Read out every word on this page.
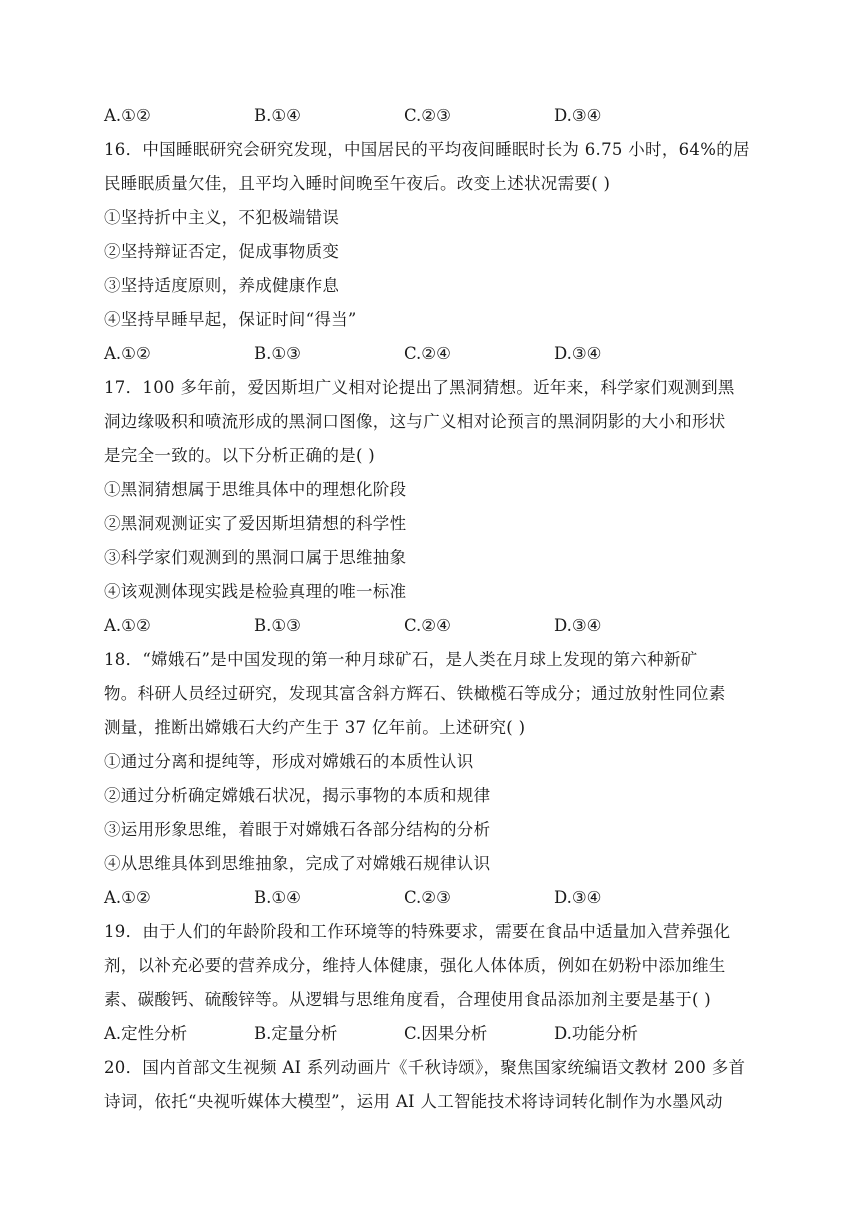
A.①②	B.①④	C.②③	D.③④
16．中国睡眠研究会研究发现，中国居民的平均夜间睡眠时长为 6.75 小时，64%的居
民睡眠质量欠佳，且平均入睡时间晚至午夜后。改变上述状况需要( )
①坚持折中主义，不犯极端错误
②坚持辩证否定，促成事物质变
③坚持适度原则，养成健康作息
④坚持早睡早起，保证时间“得当”
A.①②	B.①③	C.②④	D.③④
17．100 多年前，爱因斯坦广义相对论提出了黑洞猜想。近年来，科学家们观测到黑
洞边缘吸积和喷流形成的黑洞口图像，这与广义相对论预言的黑洞阴影的大小和形状
是完全一致的。以下分析正确的是( )
①黑洞猜想属于思维具体中的理想化阶段
②黑洞观测证实了爱因斯坦猜想的科学性
③科学家们观测到的黑洞口属于思维抽象
④该观测体现实践是检验真理的唯一标准
A.①②	B.①③	C.②④	D.③④
18．“嫦娥石”是中国发现的第一种月球矿石，是人类在月球上发现的第六种新矿
物。科研人员经过研究，发现其富含斜方辉石、铁橄榄石等成分；通过放射性同位素
测量，推断出嫦娥石大约产生于 37 亿年前。上述研究( )
①通过分离和提纯等，形成对嫦娥石的本质性认识
②通过分析确定嫦娥石状况，揭示事物的本质和规律
③运用形象思维，着眼于对嫦娥石各部分结构的分析
④从思维具体到思维抽象，完成了对嫦娥石规律认识
A.①②	B.①④	C.②③	D.③④
19．由于人们的年龄阶段和工作环境等的特殊要求，需要在食品中适量加入营养强化
剂，以补充必要的营养成分，维持人体健康，强化人体体质，例如在奶粉中添加维生
素、碳酸钙、硫酸锌等。从逻辑与思维角度看，合理使用食品添加剂主要是基于( )
A.定性分析	B.定量分析	C.因果分析	D.功能分析
20．国内首部文生视频 AI 系列动画片《千秋诗颂》，聚焦国家统编语文教材 200 多首
诗词，依托“央视听媒体大模型”，运用 AI 人工智能技术将诗词转化制作为水墨风动
